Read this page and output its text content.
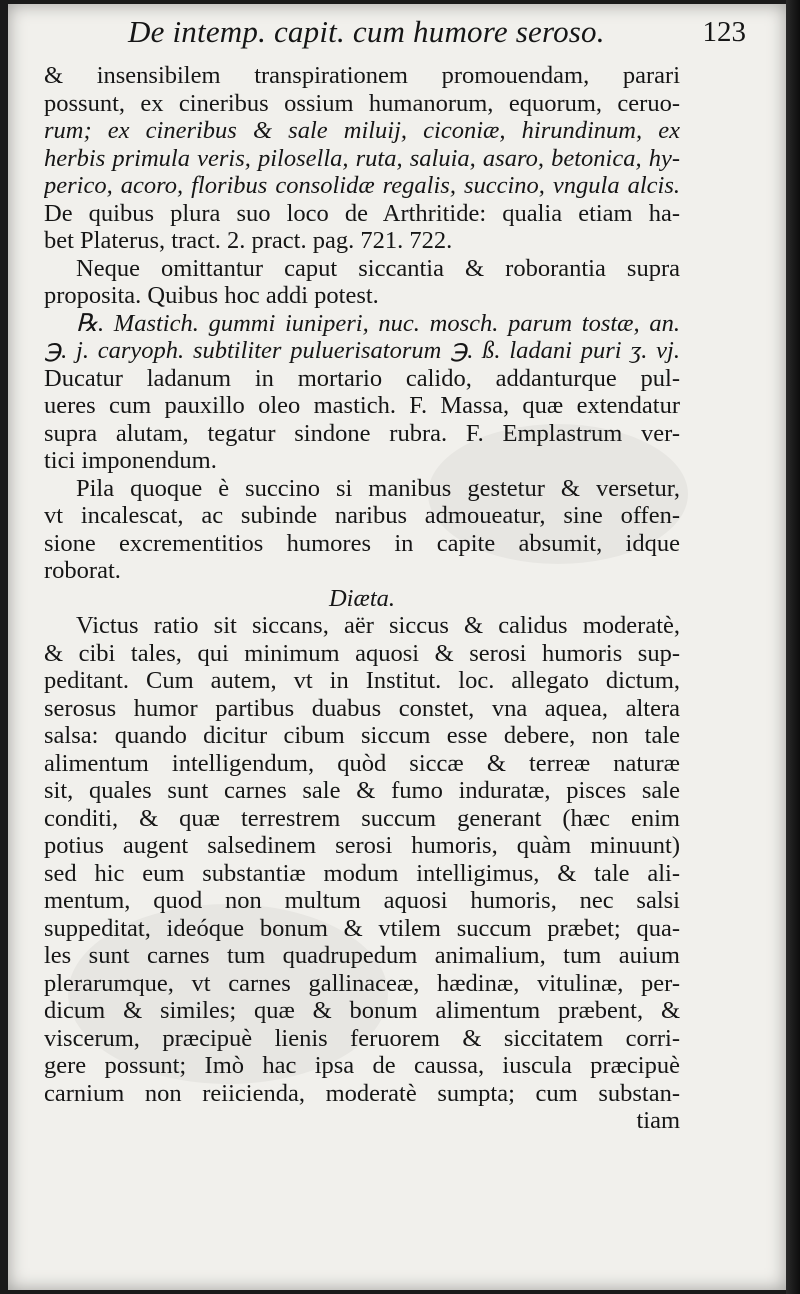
De intemp. capit. cum humore seroso.	123
& insensibilem transpirationem promouendam, parari
possunt, ex cineribus ossium humanorum, equorum, ceruo-
rum; ex cineribus & sale miluij, ciconiæ, hirundinum, ex
herbis primula veris, pilosella, ruta, saluia, asaro, betonica, hy-
perico, acoro, floribus consolidæ regalis, succino, vngula alcis.
De quibus plura suo loco de Arthritide: qualia etiam ha-
bet Platerus, tract. 2. pract. pag. 721. 722.
Neque omittantur caput siccantia & roborantia supra
proposita. Quibus hoc addi potest.
℞. Mastich. gummi iuniperi, nuc. mosch. parum tostæ, an.
℈. j. caryoph. subtiliter puluerisatorum ℈. ß. ladani puri ʒ. vj.
Ducatur ladanum in mortario calido, addanturque pul-
ueres cum pauxillo oleo mastich. F. Massa, quæ extendatur
supra alutam, tegatur sindone rubra. F. Emplastrum ver-
tici imponendum.
Pila quoque è succino si manibus gestetur & versetur,
vt incalescat, ac subinde naribus admoueatur, sine offen-
sione excrementitios humores in capite absumit, idque
roborat.
Diæta.
Victus ratio sit siccans, aër siccus & calidus moderatè,
& cibi tales, qui minimum aquosi & serosi humoris sup-
peditant. Cum autem, vt in Institut. loc. allegato dictum,
serosus humor partibus duabus constet, vna aquea, altera
salsa: quando dicitur cibum siccum esse debere, non tale
alimentum intelligendum, quòd siccæ & terreæ naturæ
sit, quales sunt carnes sale & fumo induratæ, pisces sale
conditi, & quæ terrestrem succum generant (hæc enim
potius augent salsedinem serosi humoris, quàm minuunt)
sed hic eum substantiæ modum intelligimus, & tale ali-
mentum, quod non multum aquosi humoris, nec salsi
suppeditat, ideóque bonum & vtilem succum præbet; qua-
les sunt carnes tum quadrupedum animalium, tum auium
plerarumque, vt carnes gallinaceæ, hædinæ, vitulinæ, per-
dicum & similes; quæ & bonum alimentum præbent, &
viscerum, præcipuè lienis feruorem & siccitatem corri-
gere possunt; Imò hac ipsa de caussa, iuscula præcipuè
carnium non reiicienda, moderatè sumpta; cum substan-
tiam
